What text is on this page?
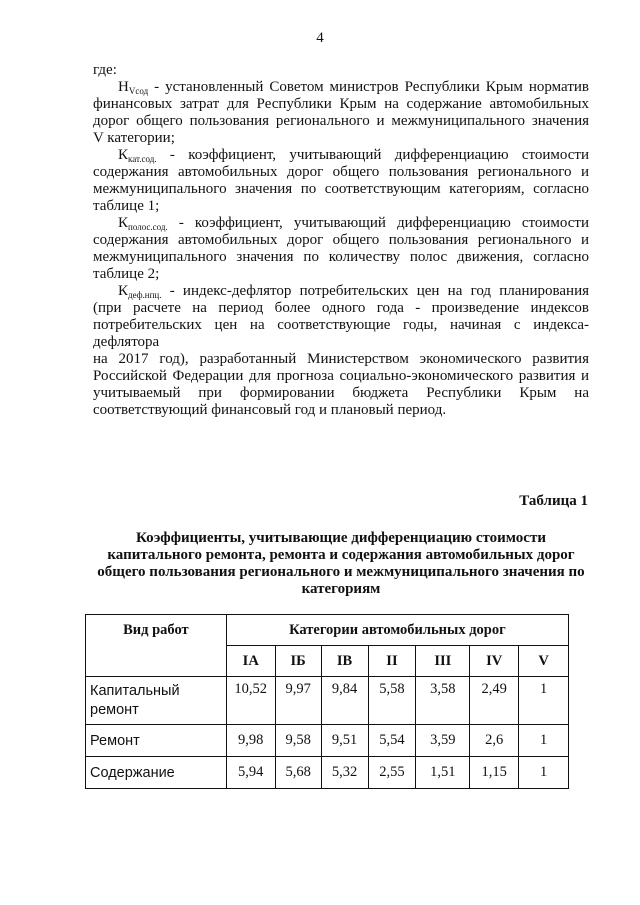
4
где:
$Н_{Vсод}$ - установленный Советом министров Республики Крым норматив
финансовых затрат для Республики Крым на содержание автомобильных
дорог общего пользования регионального и межмуниципального значения
V категории;
$К_{кат.сод.}$ - коэффициент, учитывающий дифференциацию стоимости
содержания автомобильных дорог общего пользования регионального и
межмуниципального значения по соответствующим категориям, согласно
таблице 1;
$К_{полос.сод.}$ - коэффициент, учитывающий дифференциацию стоимости
содержания автомобильных дорог общего пользования регионального и
межмуниципального значения по количеству полос движения, согласно
таблице 2;
$К_{деф.нпц.}$ - индекс-дефлятор потребительских цен на год планирования
(при расчете на период более одного года - произведение индексов
потребительских цен на соответствующие годы, начиная с индекса-дефлятора
на 2017 год), разработанный Министерством экономического развития
Российской Федерации для прогноза социально-экономического развития и
учитываемый при формировании бюджета Республики Крым на
соответствующий финансовый год и плановый период.
Таблица 1
Коэффициенты, учитывающие дифференциацию стоимости
капитального ремонта, ремонта и содержания автомобильных дорог
общего пользования регионального и межмуниципального значения по
категориям
Вид работ	Категории автомобильных дорог						
	IA	IБ	IB	II	III	IV	V

Капитальный
ремонт	10,52	9,97	9,84	5,58	3,58	2,49	1
Ремонт	9,98	9,58	9,51	5,54	3,59	2,6	1
Содержание	5,94	5,68	5,32	2,55	1,51	1,15	1
